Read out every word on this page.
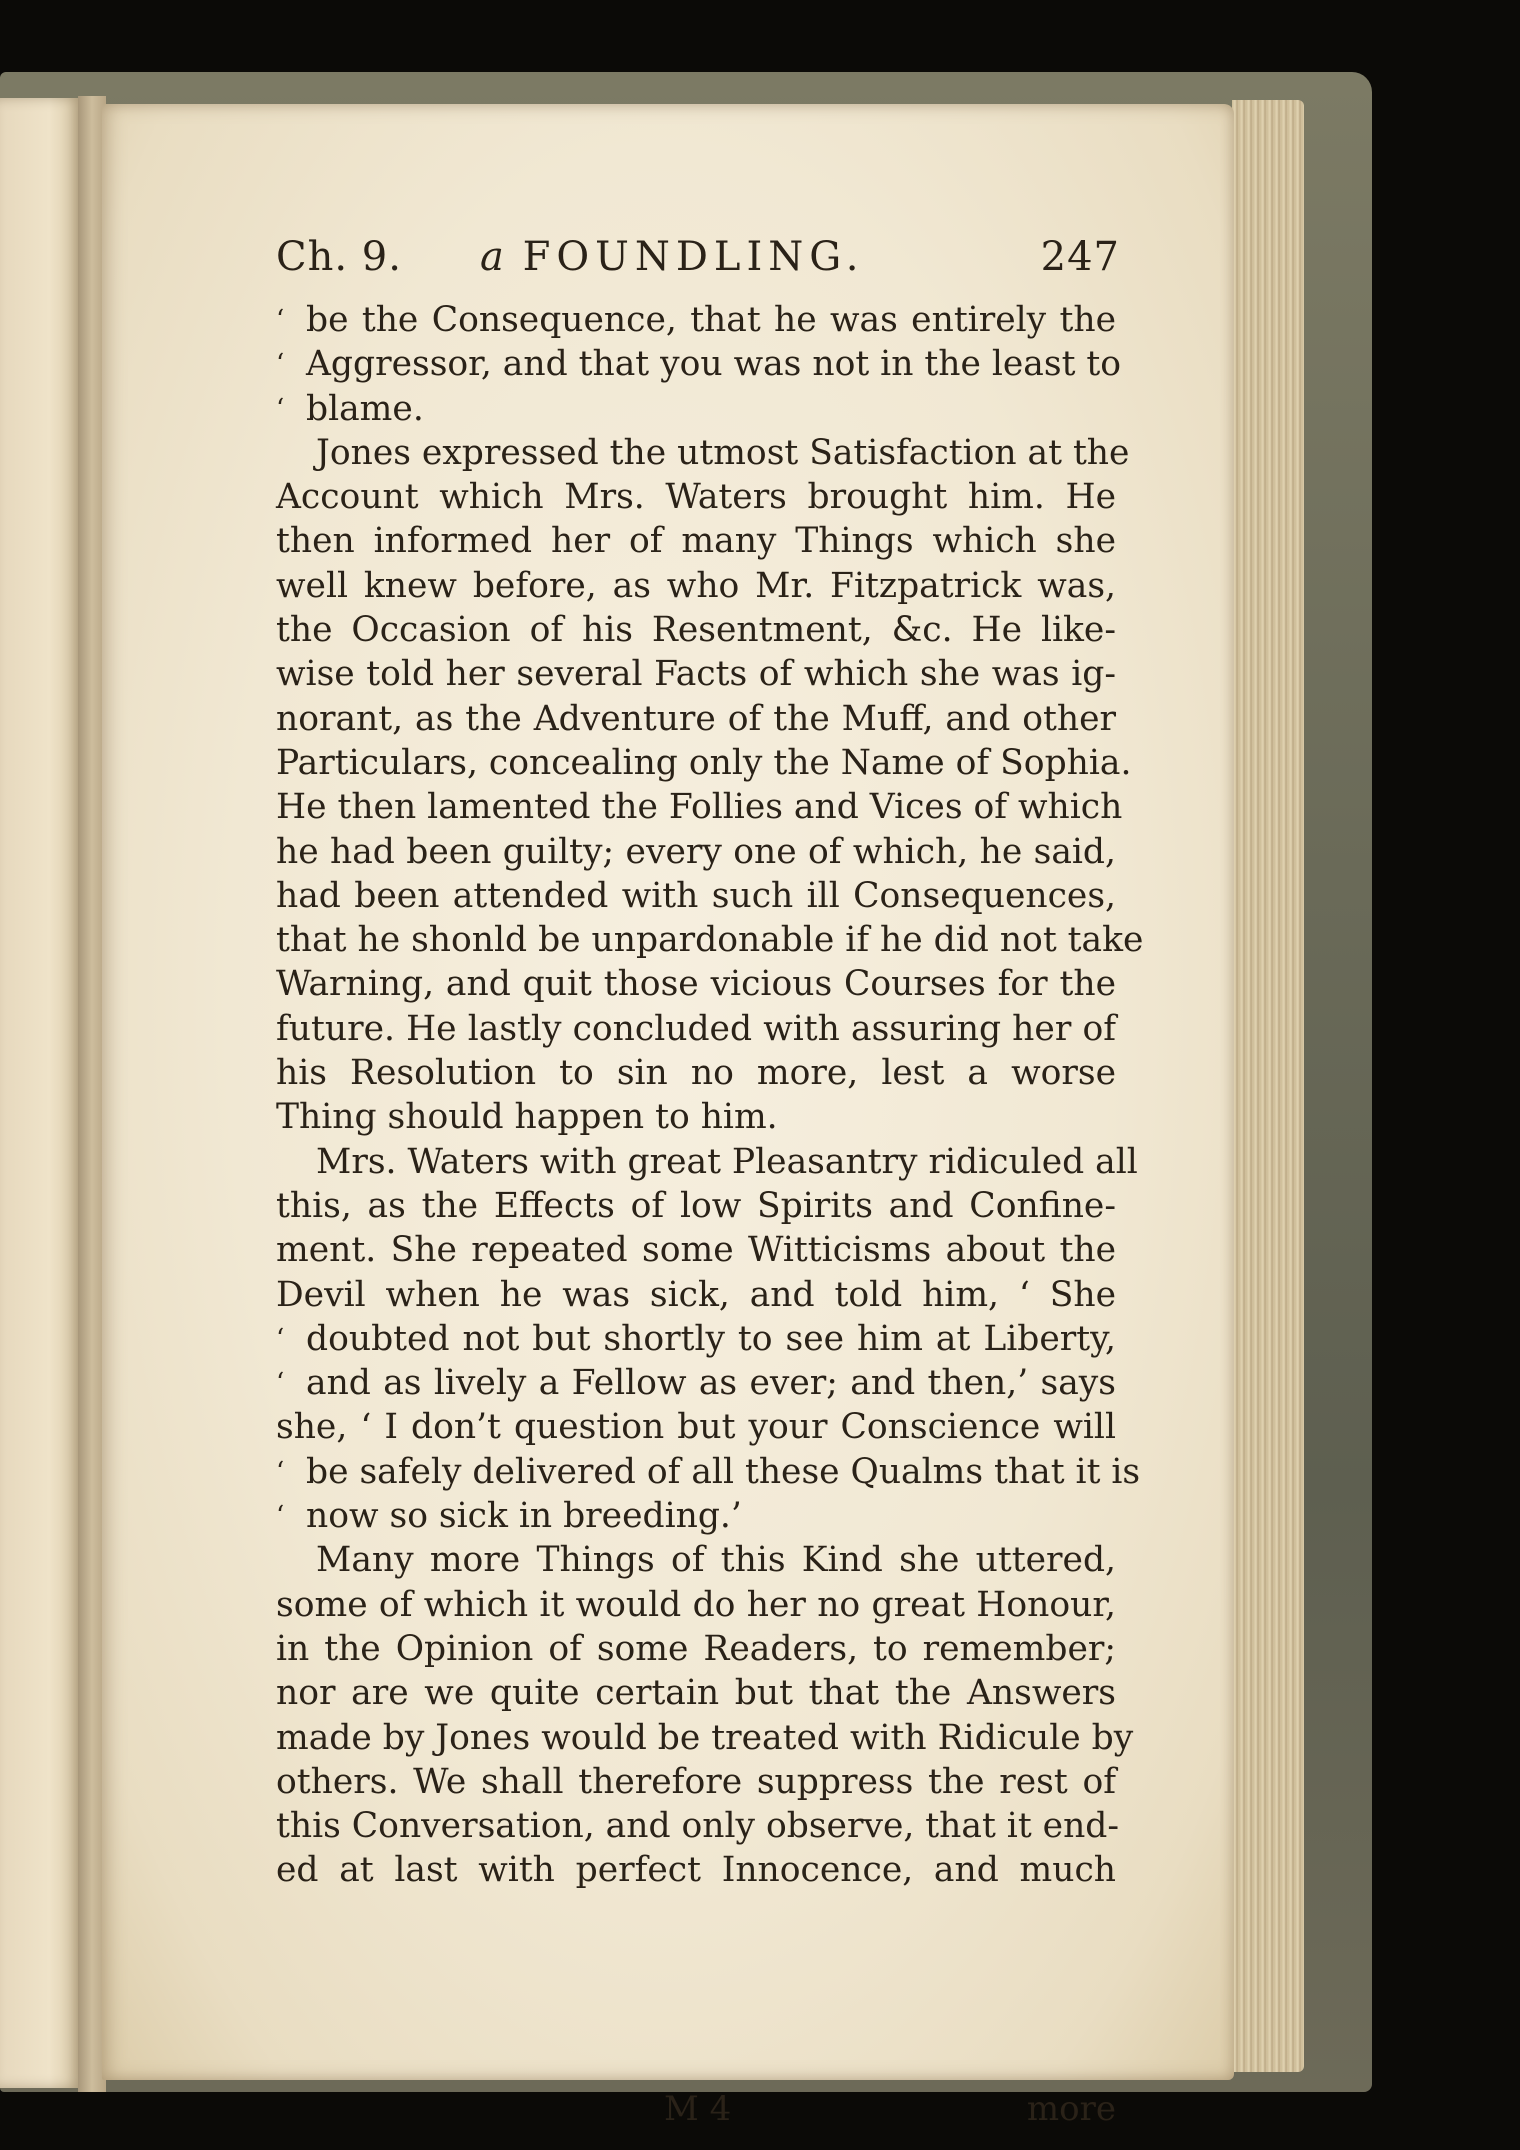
Ch. 9. a FOUNDLING.	247
‘ be the Consequence, that he was entirely the
‘ Aggressor, and that you was not in the least to
‘ blame.
Jones expressed the utmost Satisfaction at the
Account which Mrs. Waters brought him. He
then informed her of many Things which she
well knew before, as who Mr. Fitzpatrick was,
the Occasion of his Resentment, &c. He like-
wise told her several Facts of which she was ig-
norant, as the Adventure of the Muff, and other
Particulars, concealing only the Name of Sophia.
He then lamented the Follies and Vices of which
he had been guilty; every one of which, he said,
had been attended with such ill Consequences,
that he shonld be unpardonable if he did not take
Warning, and quit those vicious Courses for the
future. He lastly concluded with assuring her of
his Resolution to sin no more, lest a worse
Thing should happen to him.
Mrs. Waters with great Pleasantry ridiculed all
this, as the Effects of low Spirits and Confine-
ment. She repeated some Witticisms about the
Devil when he was sick, and told him, ‘ She
‘ doubted not but shortly to see him at Liberty,
‘ and as lively a Fellow as ever; and then,’ says
she, ‘ I don’t question but your Conscience will
‘ be safely delivered of all these Qualms that it is
‘ now so sick in breeding.’
Many more Things of this Kind she uttered,
some of which it would do her no great Honour,
in the Opinion of some Readers, to remember;
nor are we quite certain but that the Answers
made by Jones would be treated with Ridicule by
others. We shall therefore suppress the rest of
this Conversation, and only observe, that it end-
ed at last with perfect Innocence, and much
M 4	more
